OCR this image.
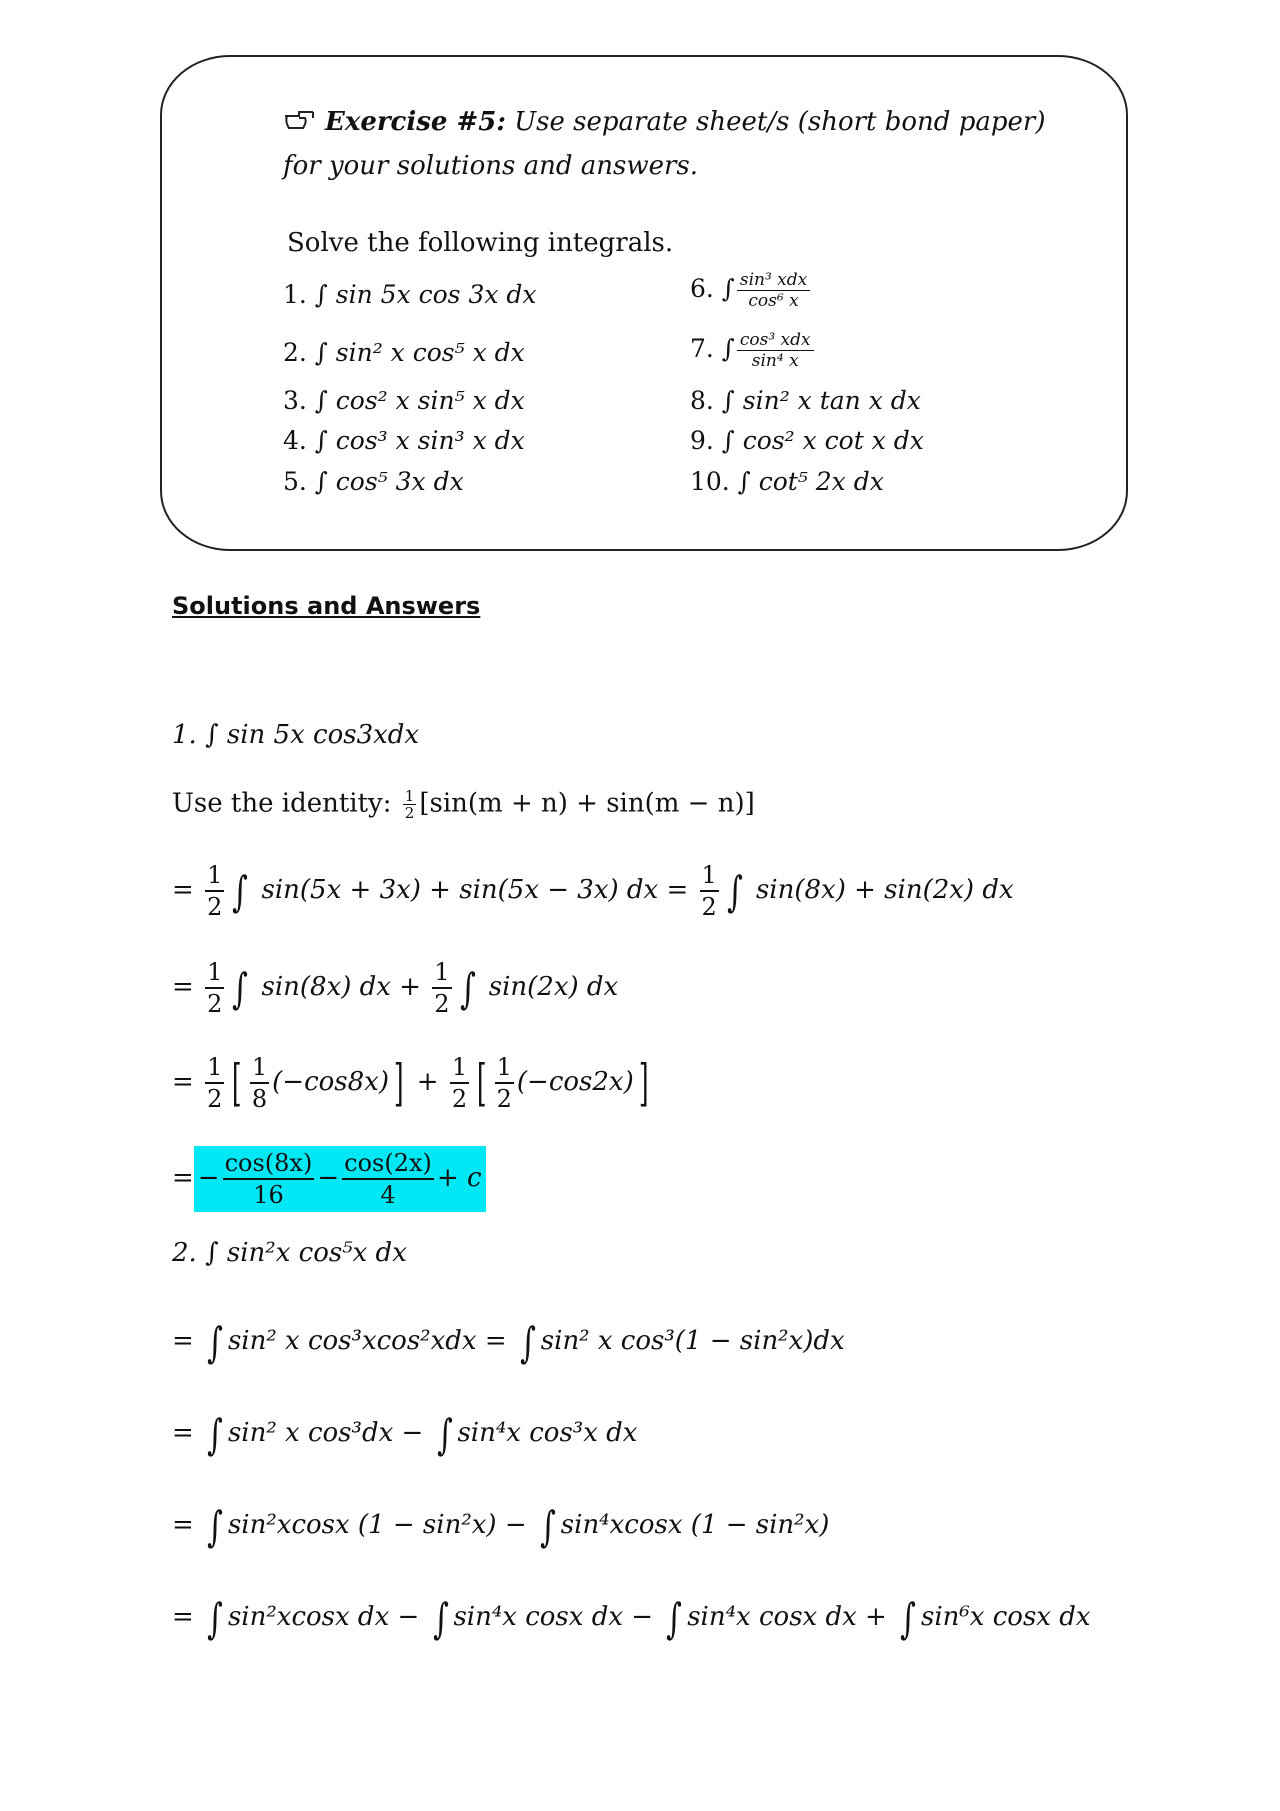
Exercise #5: Use separate sheet/s (short bond paper) for your solutions and answers.
Solve the following integrals.
1. ∫ sin 5x cos 3x dx
2. ∫ sin² x cos⁵ x dx
3. ∫ cos² x sin⁵ x dx
4. ∫ cos³ x sin³ x dx
5. ∫ cos⁵ 3x dx
6. ∫ $\frac{\text{sin³ xdx}}{\text{cos⁶ x}}$
7. ∫ $\frac{\text{cos³ xdx}}{\text{sin⁴ x}}$
8. ∫ sin² x tan x dx
9. ∫ cos² x cot x dx
10. ∫ cot⁵ 2x dx
Solutions and Answers
1. ∫ sin 5x cos3xdx
Use the identity: $\frac{1}{2} [\sin(m + n) + \sin(m - n)]$
= $\frac{1}{2}$ ∫ sin(5x + 3x) + sin(5x − 3x) dx = $\frac{1}{2}$ ∫ sin(8x) + sin(2x) dx
= $\frac{1}{2}$ ∫ sin(8x) dx + $\frac{1}{2}$ ∫ sin(2x) dx
= $\frac{1}{2}$ [ $\frac{1}{8} (-\cos 8x)] + \frac{1}{2}$ [ $\frac{1}{2} (-\cos 2x)$]
= − $\frac{\cos(8x)}{16} - \frac{\cos(2x)}{4} + c$
2. ∫ sin²x cos⁵x dx
= ∫ sin² x cos³xcos²xdx = ∫ sin² x cos³(1 − sin²x)dx
= ∫ sin² x cos³dx − ∫ sin⁴x cos³x dx
= ∫ sin²xcosx (1 − sin²x) − ∫ sin⁴xcosx (1 − sin²x)
= ∫ sin²xcosx dx − ∫ sin⁴x cosx dx − ∫ sin⁴x cosx dx + ∫ sin⁶x cosx dx
